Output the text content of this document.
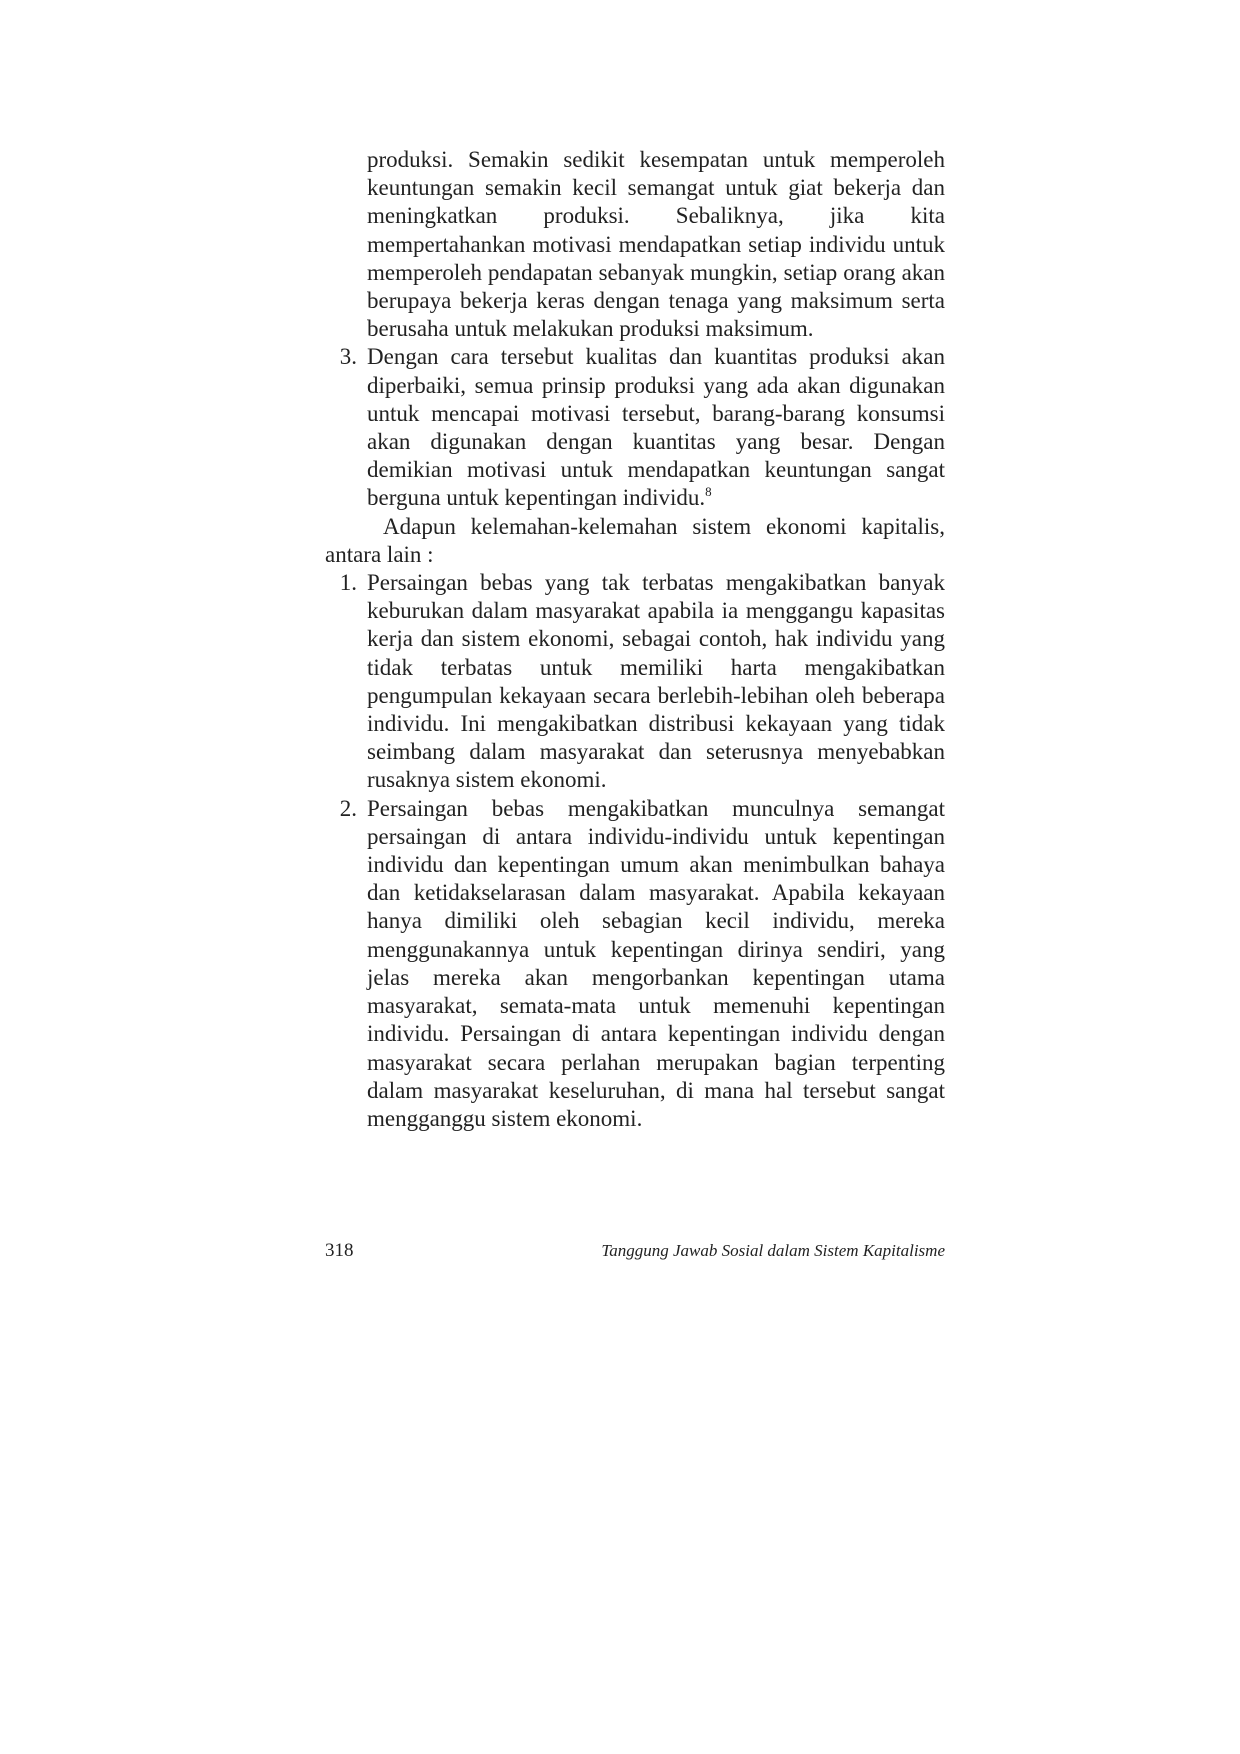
produksi. Semakin sedikit kesempatan untuk memperoleh keuntungan semakin kecil semangat untuk giat bekerja dan meningkatkan produksi. Sebaliknya, jika kita mempertahankan motivasi mendapatkan setiap individu untuk memperoleh pendapatan sebanyak mungkin, setiap orang akan berupaya bekerja keras dengan tenaga yang maksimum serta berusaha untuk melakukan produksi maksimum.

3. Dengan cara tersebut kualitas dan kuantitas produksi akan diperbaiki, semua prinsip produksi yang ada akan digunakan untuk mencapai motivasi tersebut, barang-barang konsumsi akan digunakan dengan kuantitas yang besar. Dengan demikian motivasi untuk mendapatkan keuntungan sangat berguna untuk kepentingan individu.$^8$

Adapun kelemahan-kelemahan sistem ekonomi kapitalis, antara lain :

1. Persaingan bebas yang tak terbatas mengakibatkan banyak keburukan dalam masyarakat apabila ia menggangu kapasitas kerja dan sistem ekonomi, sebagai contoh, hak individu yang tidak terbatas untuk memiliki harta mengakibatkan pengumpulan kekayaan secara berlebih-lebihan oleh beberapa individu. Ini mengakibatkan distribusi kekayaan yang tidak seimbang dalam masyarakat dan seterusnya menyebabkan rusaknya sistem ekonomi.
2. Persaingan bebas mengakibatkan munculnya semangat persaingan di antara individu-individu untuk kepentingan individu dan kepentingan umum akan menimbulkan bahaya dan ketidakselarasan dalam masyarakat. Apabila kekayaan hanya dimiliki oleh sebagian kecil individu, mereka menggunakannya untuk kepentingan dirinya sendiri, yang jelas mereka akan mengorbankan kepentingan utama masyarakat, semata-mata untuk memenuhi kepentingan individu. Persaingan di antara kepentingan individu dengan masyarakat secara perlahan merupakan bagian terpenting dalam masyarakat keseluruhan, di mana hal tersebut sangat mengganggu sistem ekonomi.
318	Tanggung Jawab Sosial dalam Sistem Kapitalisme
